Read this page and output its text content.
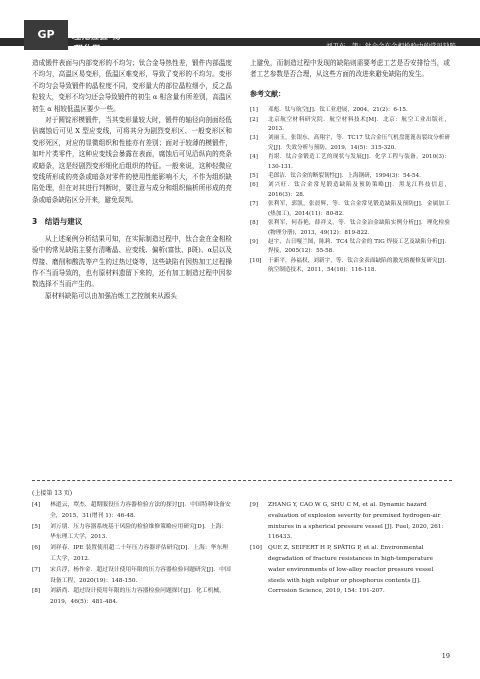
GP	理化检验-物理分册	刘卫东，等：钛合金在金相检验中的常见缺陷

造成锻件表面与内部变形的不均匀；钛合金导热性差，锻件内部温度不均匀，高温区易变形，低温区难变形，导致了变形的不均匀。变形不均匀会导致锻件的晶粒度不同，变形量大的部位晶粒细小，反之晶粒较大，变形不均匀还会导致锻件的初生 α 相含量有所差别，高温区初生 α 相较低温区要少一些。

对于圆锭形模锻件，当其变形量较大时，锻件的轴径向剖面经低倍腐蚀后可见 X 型应变线，可将其分为剧烈变形区、一般变形区和变形死区，对应的显微组织和性能亦有差别；面对于较薄的模锻件，如叶片类零件，这种应变线会暴露在表面，腐蚀后可见沿纵向的亮条或暗条，这是经剧烈变形细化后组织的特征。一般来说，这种轻微应变线所形成的亮条或暗条对零件的使用性能影响不大，不作为组织缺陷处理，但在对其进行判断时，要注意与成分和组织偏析所形成的亮条或暗条缺陷区分开来，避免误判。

3　结语与建议

从上述案例分析结果可知，在实际制造过程中，钛合金在金相检验中的常见缺陷主要有清晰晶、应变线、偏析(富钛、β斑)、α层以及焊接、磨削和酸洗等产生的过热过烧等，这些缺陷有因热加工过程操作不当而导致的，也有原材料遗留下来的，还有加工制造过程中因参数选择不当而产生的。

原材料缺陷可以由加强冶炼工艺控制来从源头

上避免，而制造过程中发现的缺陷则需要考虑工艺是否安排恰当，或者工艺参数是否合理，从这些方面的改进来避免缺陷的发生。

参考文献：

[1] 邓彪．钛与航空[J]．钛工业进展，2004，21(2)：6-15．

[2] 北京航空材料研究院．航空材料技术[M]．北京：航空工业出版社，2013．

[3] 刘丽玉，张银东，高翔宇，等．TC17 钛合金压气机盘篦篦齿裂纹分析研究[J]．失效分析与预防，2019，14(5)：315-320．

[4] 肖堪．钛合金锻造工艺的现状与发展[J]．化学工程与装备，2010(3)：130-131．

[5] 毛郎洁．钛合金的断裂韧性[J]．上海钢研，1994(3)：54-54．

[6] 刘兴旺．钛合金常见锻造缺陷及预防策略[J]．黑龙江科技信息，2016(3)：28．

[7] 张利军，郭凯，张晨辉，等．钛合金常见锻造缺陷及预防[J]．金属加工(热加工)，2014(11)：80-82．

[8] 张利军，何春艳，薛祥义，等．钛合金冶金缺陷实例分析[J]．理化检验(物理分册)，2013，49(12)：819-822．

[9] 赵宇，吉日嘎兰图，陈莉．TC4 钛合金的 TIG 焊接工艺及缺陷分析[J]．焊接，2005(12)：55-58．

[10] 于新平，孙福权，刘新宇，等．钛合金表面缺陷的激光熔覆修复研究[J]．航空制造技术，2011，54(16)：116-118．

(上接第 13 页)

[4] 林道云，覃杰．超期服役压力容器检验方法的探讨[J]．中国特种设备安全，2015，31(增刊 1)：46-48．

[5] 刘万朋．压力容器系统基于风险的检验维修策略应用研究[D]．上海：华东理工大学，2013．

[6] 刘祥春．IPE 装置使用超二十年压力容器评估研究[D]．上海：华东理工大学，2012．

[7] 宋兵浮，杨作金．超过设计使用年限的压力容器检验问题研究[J]．中国设备工程，2020(19)：148-150．

[8] 刘新尚．超过设计使用年限的压力容器检验问题探讨[J]．化工机械，2019，46(5)：481-484．

[9] ZHANG Y, CAO W G, SHU C M, et al. Dynamic hazard evaluation of explosion severity for premixed hydrogen-air mixtures in a spherical pressure vessel [J]. Fuel, 2020, 261: 116433.

[10] QUE Z, SEIFERT H P, SPÄTIG P, et al. Environmental degradation of fracture resistances in high-temperature water environments of low-alloy reactor pressure vessel steels with high sulphur or phosphorus contents [J]. Corrosion Science, 2019, 154: 191-207.

19
